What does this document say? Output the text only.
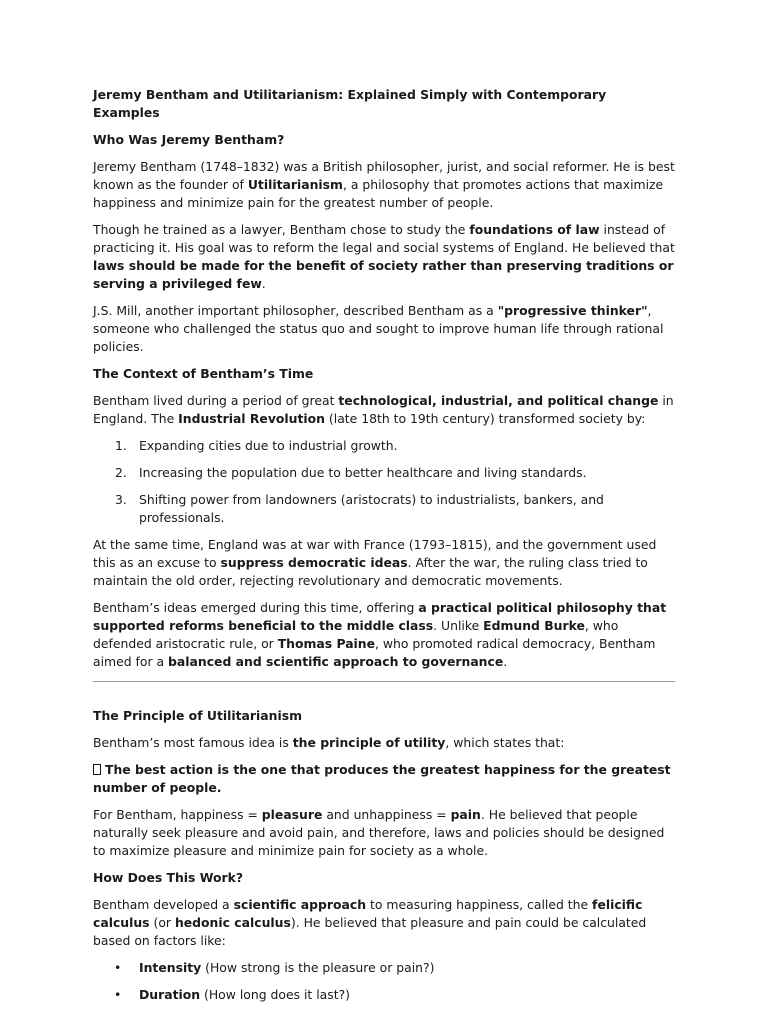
Jeremy Bentham and Utilitarianism: Explained Simply with Contemporary Examples

Who Was Jeremy Bentham?

Jeremy Bentham (1748–1832) was a British philosopher, jurist, and social reformer. He is best known as the founder of Utilitarianism, a philosophy that promotes actions that maximize happiness and minimize pain for the greatest number of people.

Though he trained as a lawyer, Bentham chose to study the foundations of law instead of practicing it. His goal was to reform the legal and social systems of England. He believed that laws should be made for the benefit of society rather than preserving traditions or serving a privileged few.

J.S. Mill, another important philosopher, described Bentham as a "progressive thinker", someone who challenged the status quo and sought to improve human life through rational policies.

The Context of Bentham’s Time

Bentham lived during a period of great technological, industrial, and political change in England. The Industrial Revolution (late 18th to 19th century) transformed society by:

1. Expanding cities due to industrial growth.
2. Increasing the population due to better healthcare and living standards.
3. Shifting power from landowners (aristocrats) to industrialists, bankers, and professionals.

At the same time, England was at war with France (1793–1815), and the government used this as an excuse to suppress democratic ideas. After the war, the ruling class tried to maintain the old order, rejecting revolutionary and democratic movements.

Bentham’s ideas emerged during this time, offering a practical political philosophy that supported reforms beneficial to the middle class. Unlike Edmund Burke, who defended aristocratic rule, or Thomas Paine, who promoted radical democracy, Bentham aimed for a balanced and scientific approach to governance.

The Principle of Utilitarianism

Bentham’s most famous idea is the principle of utility, which states that:

The best action is the one that produces the greatest happiness for the greatest number of people.

For Bentham, happiness = pleasure and unhappiness = pain. He believed that people naturally seek pleasure and avoid pain, and therefore, laws and policies should be designed to maximize pleasure and minimize pain for society as a whole.

How Does This Work?

Bentham developed a scientific approach to measuring happiness, called the felicific calculus (or hedonic calculus). He believed that pleasure and pain could be calculated based on factors like:

• Intensity (How strong is the pleasure or pain?)
• Duration (How long does it last?)
